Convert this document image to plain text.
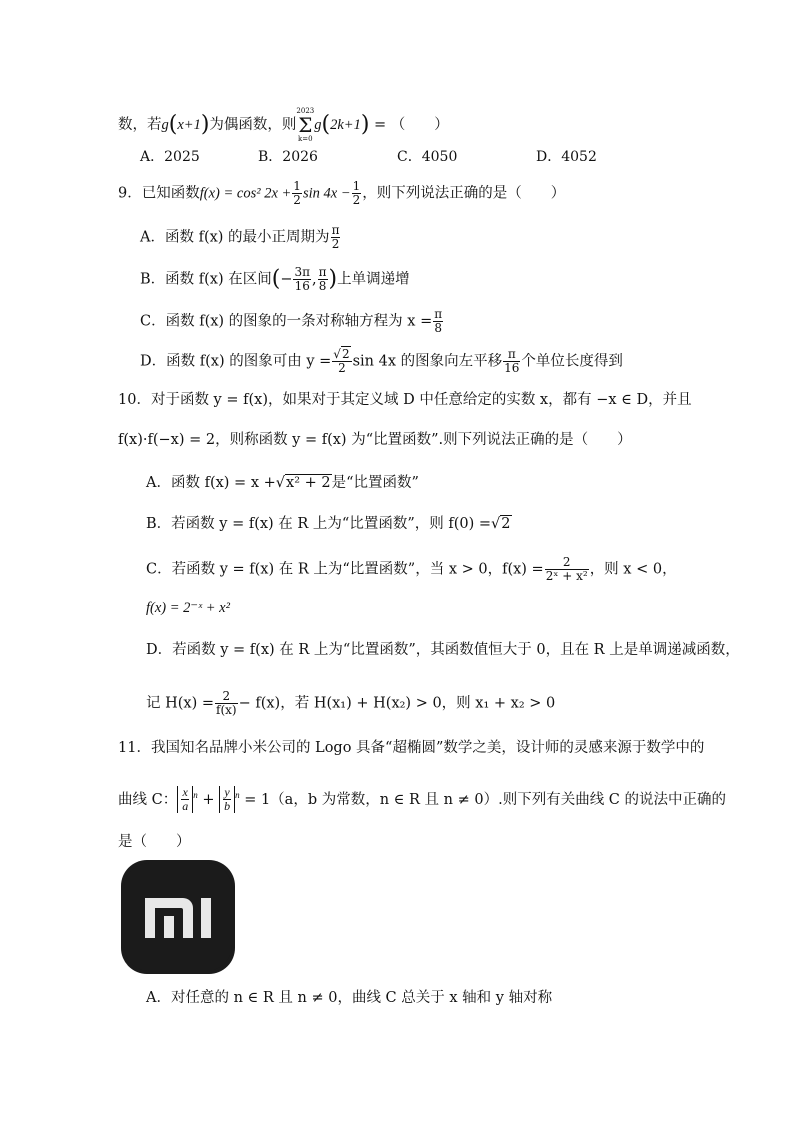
数，若g(x+1)为偶函数，则
2023
Σ
k=0
g(2k+1) = （　　）
A．2025	B．2026	C．4050	D．4052
9．已知函数f(x) = cos² $2x + \frac{1}{2}$ $\sin 4x - \frac{1}{2}$ ，则下列说法正确的是（　　）
A．函数 f(x) 的最小正周期为 $\frac{\pi}{2}$
B．函数 f(x) 在区间(− $\frac{3\pi}{16}$ , $\frac{\pi}{8}$ )上单调递增
C．函数 f(x) 的图象的一条对称轴方程为 $x = \frac{\pi}{8}$
D．函数 f(x) 的图象可由 $y = \frac{√2}{2}$ sin 4x 的图象向左平移 $\frac{\pi}{16}$ 个单位长度得到
10．对于函数 y = f(x)，如果对于其定义域 D 中任意给定的实数 x，都有 −x ∈ D，并且
f(x)·f(−x) = 2，则称函数 y = f(x) 为“比置函数”.则下列说法正确的是（　　）
A．函数 f(x) = x +√x² + 2是“比置函数”
B．若函数 y = f(x) 在 R 上为“比置函数”，则 f(0) =√2
C．若函数 y = f(x) 在 R 上为“比置函数”，当 x > 0，$f(x) = \frac{2}{\text{2ˣ + x²}}$ ，则 x < 0，
f(x) = 2⁻ˣ + x²
D．若函数 y = f(x) 在 R 上为“比置函数”，其函数值恒大于 0，且在 R 上是单调递减函数，
记 $H(x) = \frac{2}{f(x)} - f(x)$，若 H(x₁) + H(x₂) > 0，则 x₁ + x₂ > 0
11．我国知名品牌小米公司的 Logo 具备“超椭圆”数学之美，设计师的灵感来源于数学中的
曲线 C： $\frac{x}{a} ^n + \frac{y}{b} ^n = 1(a$，b 为常数，n ∈ R 且 n ≠ 0）.则下列有关曲线 C 的说法中正确的
是（　　）
A．对任意的 n ∈ R 且 n ≠ 0，曲线 C 总关于 x 轴和 y 轴对称
